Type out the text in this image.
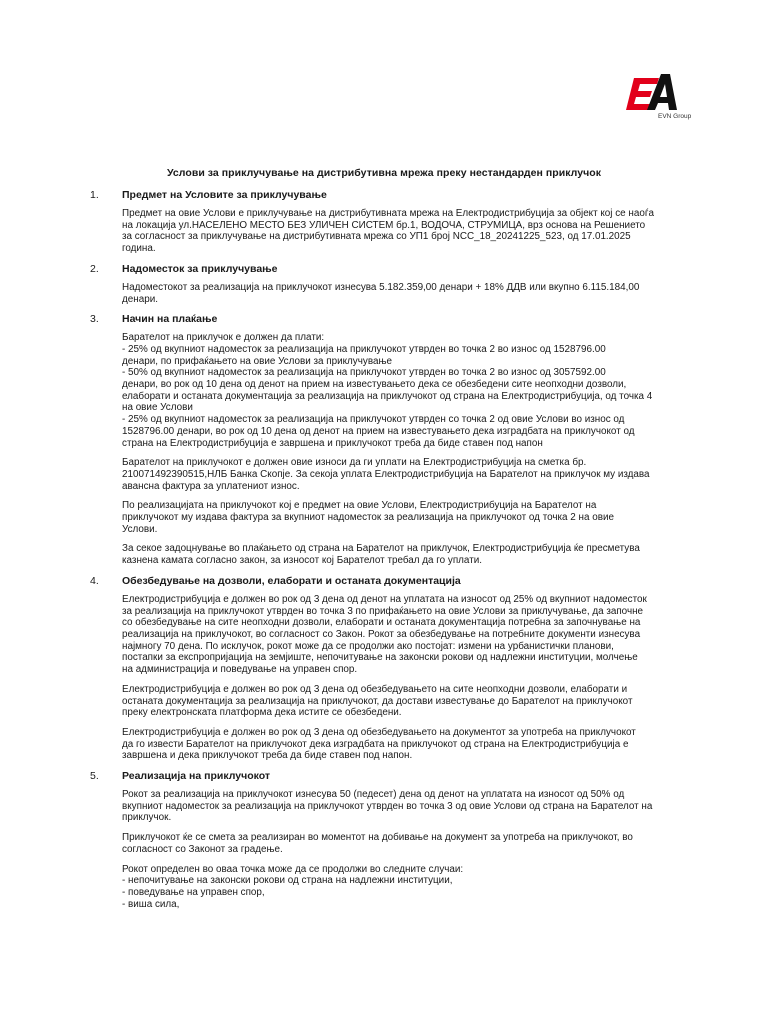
EVN Group
Услови за приклучување на дистрибутивна мрежа преку нестандарден приклучок
1.	Предмет на Условите за приклучување
Предмет на овие Услови е приклучување на дистрибутивната мрежа на Електродистрибуција за објект кој се наоѓа
на локација ул.НАСЕЛЕНО МЕСТО БЕЗ УЛИЧЕН СИСТЕМ бр.1, ВОДОЧА, СТРУМИЦА, врз основа на Решението
за согласност за приклучување на дистрибутивната мрежа со УП1 број NCC_18_20241225_523, од 17.01.2025
година.
2.	Надоместок за приклучување
Надоместокот за реализација на приклучокот изнесува 5.182.359,00 денари + 18% ДДВ или вкупно 6.115.184,00
денари.
3.	Начин на плаќање
Барателот на приклучок е должен да плати:
- 25% од вкупниот надоместок за реализација на приклучокот утврден во точка 2 во износ од 1528796.00
денари, по прифаќањето на овие Услови за приклучување
- 50% од вкупниот надоместок за реализација на приклучокот утврден во точка 2 во износ од 3057592.00
денари, во рок од 10 дена од денот на прием на известувањето дека се обезбедени сите неопходни дозволи,
елаборати и останата документација за реализација на приклучокот од страна на Електродистрибуција, од точка 4
на овие Услови
- 25% од вкупниот надоместок за реализација на приклучокот утврден со точка 2 од овие Услови во износ од
1528796.00 денари, во рок од 10 дена од денот на прием на известувањето дека изградбата на приклучокот од
страна на Електродистрибуција е завршена и приклучокот треба да биде ставен под напон
Барателот на приклучокот е должен овие износи да ги уплати на Електродистрибуција на сметка бр.
210071492390515,НЛБ Банка Скопје. За секоја уплата Електродистрибуција на Барателот на приклучок му издава
авансна фактура за уплатениот износ.
По реализацијата на приклучокот кој е предмет на овие Услови, Електродистрибуција на Барателот на
приклучокот му издава фактура за вкупниот надоместок за реализација на приклучокот од точка 2 на овие
Услови.
За секое задоцнување во плаќањето од страна на Барателот на приклучок, Електродистрибуција ќе пресметува
казнена камата согласно закон, за износот кој Барателот требал да го уплати.
4.	Обезбедување на дозволи, елаборати и останата документација
Електродистрибуција е должен во рок од 3 дена од денот на уплатата на износот од 25% од вкупниот надоместок
за реализација на приклучокот утврден во точка 3 по прифаќањето на овие Услови за приклучување, да започне
со обезбедување на сите неопходни дозволи, елаборати и останата документација потребна за започнување на
реализација на приклучокот, во согласност со Закон. Рокот за обезбедување на потребните документи изнесува
најмногу 70 дена. По исклучок, рокот може да се продолжи ако постојат: измени на урбанистички планови,
постапки за експропријација на земјиште, непочитување на законски рокови од надлежни институции, молчење
на администрација и поведување на управен спор.
Електродистрибуција е должен во рок од 3 дена од обезбедувањето на сите неопходни дозволи, елаборати и
останата документација за реализација на приклучокот, да достави известување до Барателот на приклучокот
преку електронската платформа дека истите се обезбедени.
Електродистрибуција е должен во рок од 3 дена од обезбедувањето на документот за употреба на приклучокот
да го извести Барателот на приклучокот дека изградбата на приклучокот од страна на Електродистрибуција е
завршена и дека приклучокот треба да биде ставен под напон.
5.	Реализација на приклучокот
Рокот за реализација на приклучокот изнесува 50 (педесет) дена од денот на уплатата на износот од 50% од
вкупниот надоместок за реализација на приклучокот утврден во точка 3 од овие Услови од страна на Барателот на
приклучок.
Приклучокот ќе се смета за реализиран во моментот на добивање на документ за употреба на приклучокот, во
согласност со Законот за градење.
Рокот определен во оваа точка може да се продолжи во следните случаи:
- непочитување на законски рокови од страна на надлежни институции,
- поведување на управен спор,
- виша сила,
